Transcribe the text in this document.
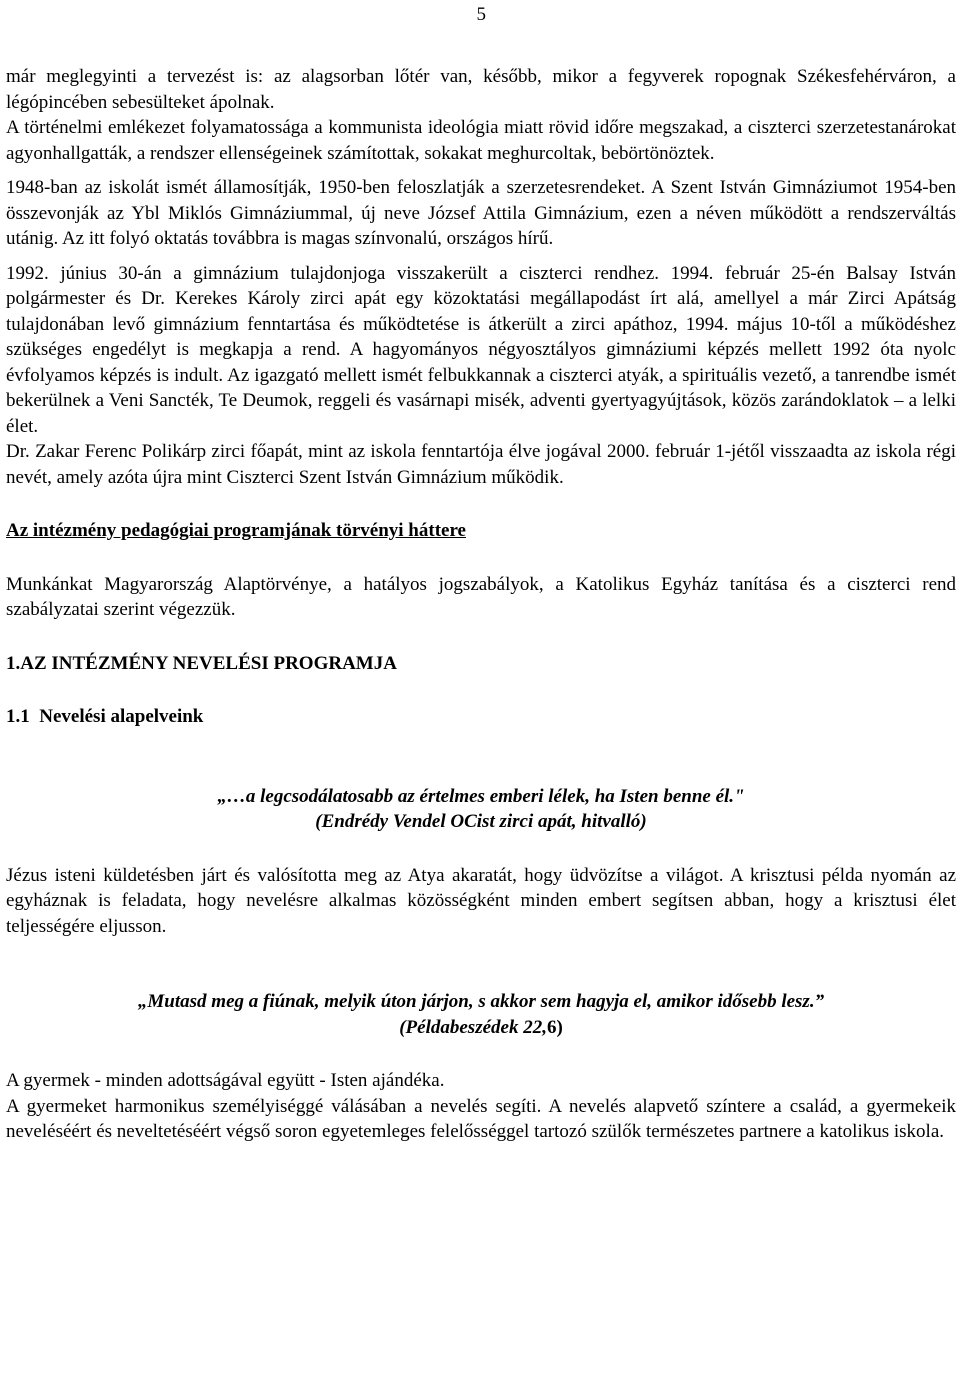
5

már meglegyinti a tervezést is: az alagsorban lőtér van, később, mikor a fegyverek ropognak Székesfehérváron, a légópincében sebesülteket ápolnak.

A történelmi emlékezet folyamatossága a kommunista ideológia miatt rövid időre megszakad, a ciszterci szerzetestanárokat agyonhallgatták, a rendszer ellenségeinek számítottak, sokakat meghurcoltak, bebörtönöztek.

1948-ban az iskolát ismét államosítják, 1950-ben feloszlatják a szerzetesrendeket. A Szent István Gimnáziumot 1954-ben összevonják az Ybl Miklós Gimnáziummal, új neve József Attila Gimnázium, ezen a néven működött a rendszerváltás utánig. Az itt folyó oktatás továbbra is magas színvonalú, országos hírű.

1992. június 30-án a gimnázium tulajdonjoga visszakerült a ciszterci rendhez. 1994. február 25-én Balsay István polgármester és Dr. Kerekes Károly zirci apát egy közoktatási megállapodást írt alá, amellyel a már Zirci Apátság tulajdonában levő gimnázium fenntartása és működtetése is átkerült a zirci apáthoz, 1994. május 10-től a működéshez szükséges engedélyt is megkapja a rend. A hagyományos négyosztályos gimnáziumi képzés mellett 1992 óta nyolc évfolyamos képzés is indult. Az igazgató mellett ismét felbukkannak a ciszterci atyák, a spirituális vezető, a tanrendbe ismét bekerülnek a Veni Sancték, Te Deumok, reggeli és vasárnapi misék, adventi gyertyagyújtások, közös zarándoklatok – a lelki élet.

Dr. Zakar Ferenc Polikárp zirci főapát, mint az iskola fenntartója élve jogával 2000. február 1-jétől visszaadta az iskola régi nevét, amely azóta újra mint Ciszterci Szent István Gimnázium működik.

Az intézmény pedagógiai programjának törvényi háttere

Munkánkat Magyarország Alaptörvénye, a hatályos jogszabályok, a Katolikus Egyház tanítása és a ciszterci rend szabályzatai szerint végezzük.

1.AZ INTÉZMÉNY NEVELÉSI PROGRAMJA

1.1  Nevelési alapelveink

„…a legcsodálatosabb az értelmes emberi lélek, ha Isten benne él."

(Endrédy Vendel OCist zirci apát, hitvalló)

Jézus isteni küldetésben járt és valósította meg az Atya akaratát, hogy üdvözítse a világot. A krisztusi példa nyomán az egyháznak is feladata, hogy nevelésre alkalmas közösségként minden embert segítsen abban, hogy a krisztusi élet teljességére eljusson.

„Mutasd meg a fiúnak, melyik úton járjon, s akkor sem hagyja el, amikor idősebb lesz.”

(Példabeszédek 22,6)

A gyermek - minden adottságával együtt - Isten ajándéka.

A gyermeket harmonikus személyiséggé válásában a nevelés segíti. A nevelés alapvető színtere a család, a gyermekeik neveléséért és neveltetéséért végső soron egyetemleges felelősséggel tartozó szülők természetes partnere a katolikus iskola.
